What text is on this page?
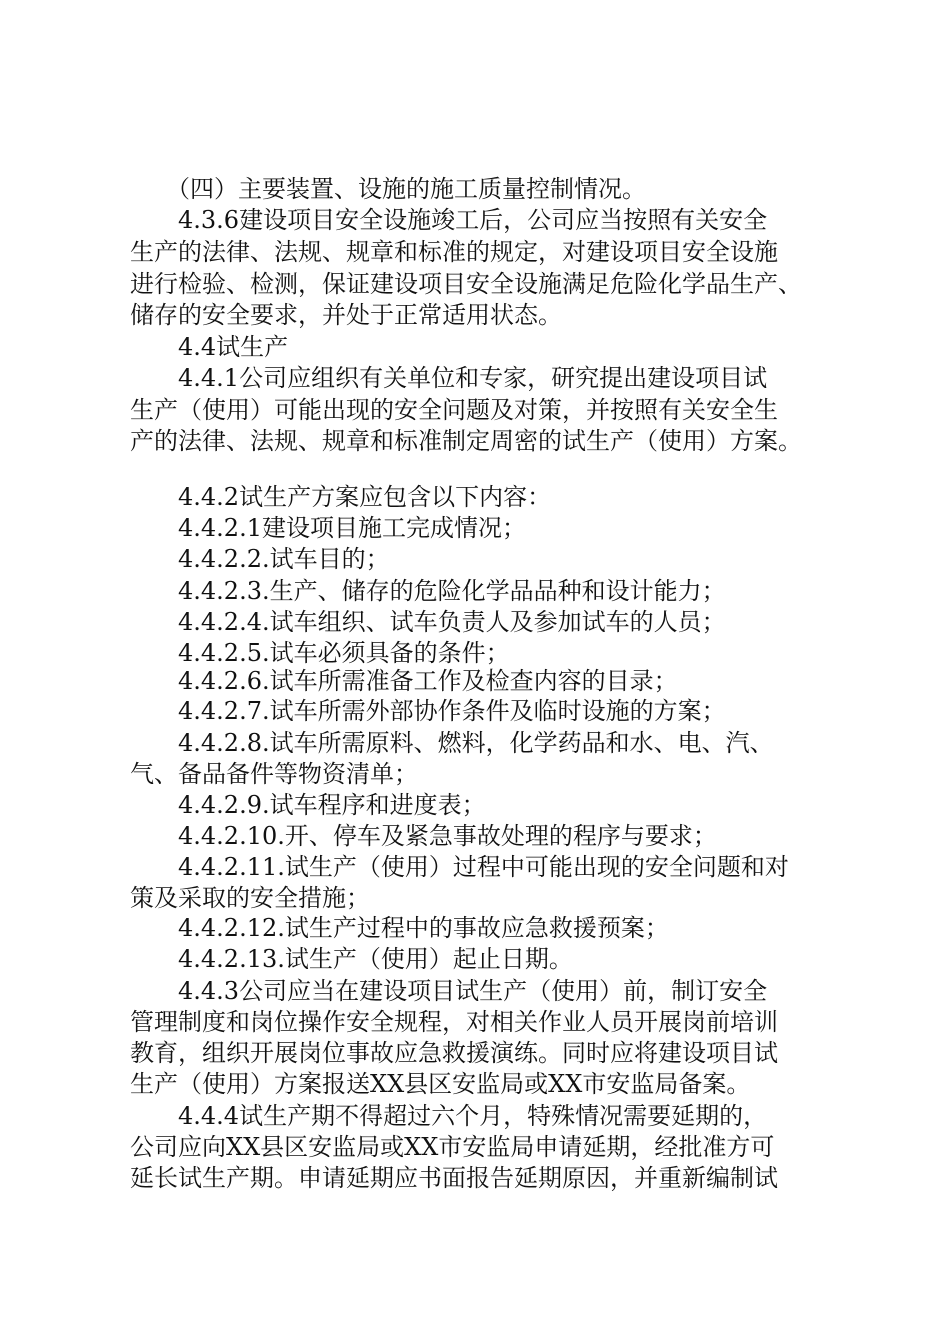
（四）主要装置、设施的施工质量控制情况。
4.3.6建设项目安全设施竣工后，公司应当按照有关安全
生产的法律、法规、规章和标准的规定，对建设项目安全设施
进行检验、检测，保证建设项目安全设施满足危险化学品生产、
储存的安全要求，并处于正常适用状态。
4.4试生产
4.4.1公司应组织有关单位和专家，研究提出建设项目试
生产（使用）可能出现的安全问题及对策，并按照有关安全生
产的法律、法规、规章和标准制定周密的试生产（使用）方案。
4.4.2试生产方案应包含以下内容：
4.4.2.1建设项目施工完成情况；
4.4.2.2.试车目的；
4.4.2.3.生产、储存的危险化学品品种和设计能力；
4.4.2.4.试车组织、试车负责人及参加试车的人员；
4.4.2.5.试车必须具备的条件；
4.4.2.6.试车所需准备工作及检查内容的目录；
4.4.2.7.试车所需外部协作条件及临时设施的方案；
4.4.2.8.试车所需原料、燃料，化学药品和水、电、汽、
气、备品备件等物资清单；
4.4.2.9.试车程序和进度表；
4.4.2.10.开、停车及紧急事故处理的程序与要求；
4.4.2.11.试生产（使用）过程中可能出现的安全问题和对
策及采取的安全措施；
4.4.2.12.试生产过程中的事故应急救援预案；
4.4.2.13.试生产（使用）起止日期。
4.4.3公司应当在建设项目试生产（使用）前，制订安全
管理制度和岗位操作安全规程，对相关作业人员开展岗前培训
教育，组织开展岗位事故应急救援演练。同时应将建设项目试
生产（使用）方案报送XX县区安监局或XX市安监局备案。
4.4.4试生产期不得超过六个月，特殊情况需要延期的，
公司应向XX县区安监局或XX市安监局申请延期，经批准方可
延长试生产期。申请延期应书面报告延期原因，并重新编制试
